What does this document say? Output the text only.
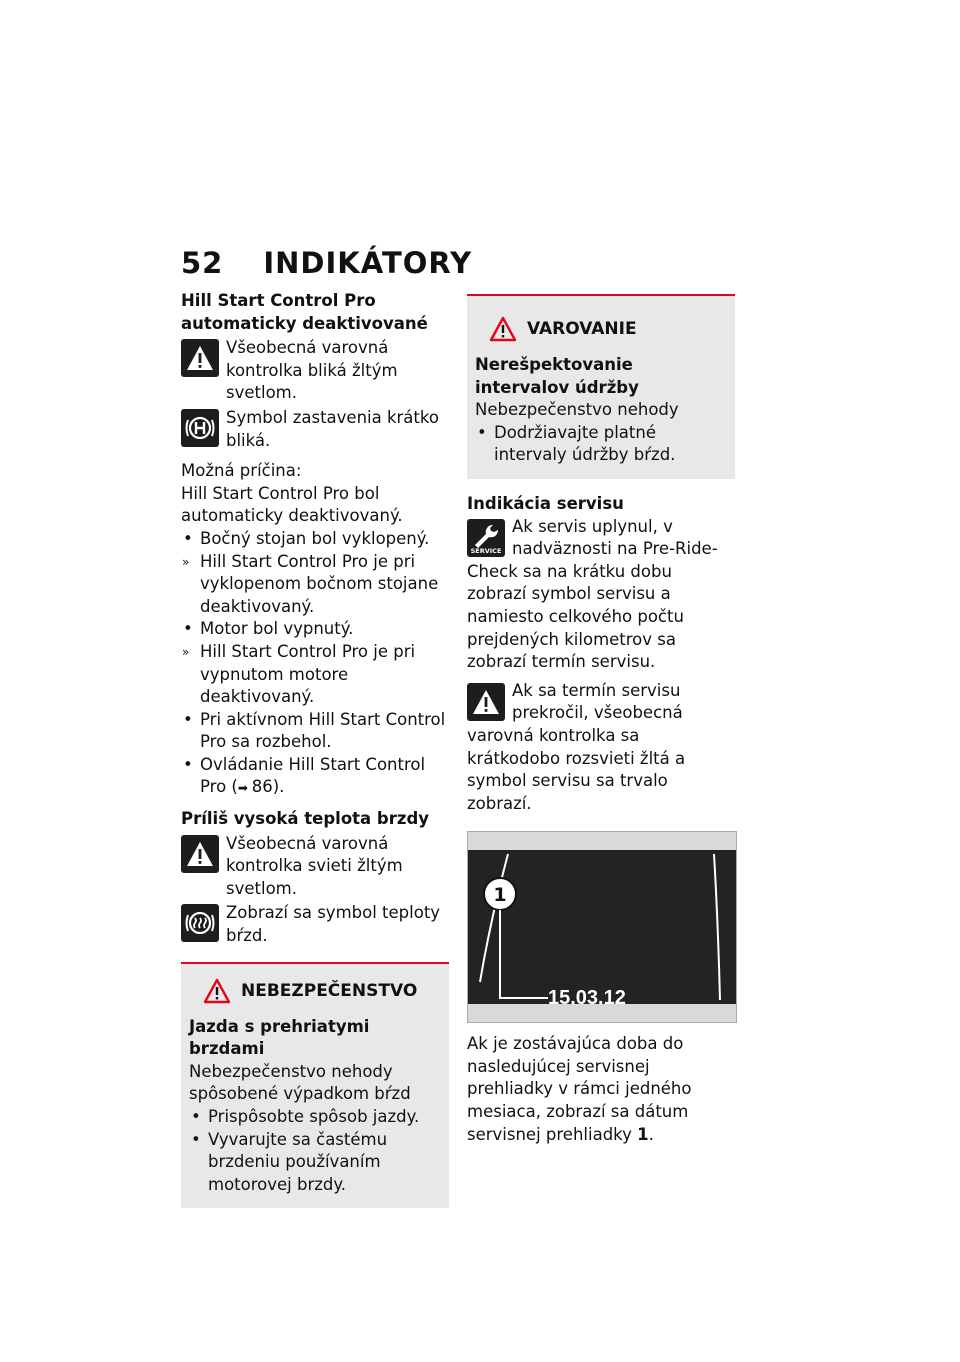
52 INDIKÁTORY
Hill Start Control Pro automaticky deaktivované
Všeobecná varovná kontrolka bliká žltým svetlom.
Symbol zastavenia krátko bliká.

Možná príčina:

Hill Start Control Pro bol automaticky deaktivovaný.

• Bočný stojan bol vyklopený.
» Hill Start Control Pro je pri vyklopenom bočnom stojane deaktivovaný.
• Motor bol vypnutý.
» Hill Start Control Pro je pri vypnutom motore deaktivovaný.
• Pri aktívnom Hill Start Control Pro sa rozbehol.
• Ovládanie Hill Start Control Pro (➡ 86).
Príliš vysoká teplota brzdy
Všeobecná varovná kontrolka svieti žltým svetlom.
Zobrazí sa symbol teploty bŕzd.
NEBEZPEČENSTVO
Jazda s prehriatymi brzdami

Nebezpečenstvo nehody spôsobené výpadkom bŕzd

• Prispôsobte spôsob jazdy.
• Vyvarujte sa častému brzdeniu používaním motorovej brzdy.
VAROVANIE
Nerešpektovanie intervalov údržby

Nebezpečenstvo nehody

• Dodržiavajte platné intervaly údržby bŕzd.
Indikácia servisu

SERVICE
Ak servis uplynul, v nadväznosti na Pre-Ride-Check sa na krátku dobu zobrazí symbol servisu a namiesto celkového počtu prejdených kilometrov sa zobrazí termín servisu.

Ak sa termín servisu prekročil, všeobecná varovná kontrolka sa krátkodobo rozsvieti žltá a symbol servisu sa trvalo zobrazí.

1
15.03.12

Ak je zostávajúca doba do nasledujúcej servisnej prehliadky v rámci jedného mesiaca, zobrazí sa dátum servisnej prehliadky 1.
